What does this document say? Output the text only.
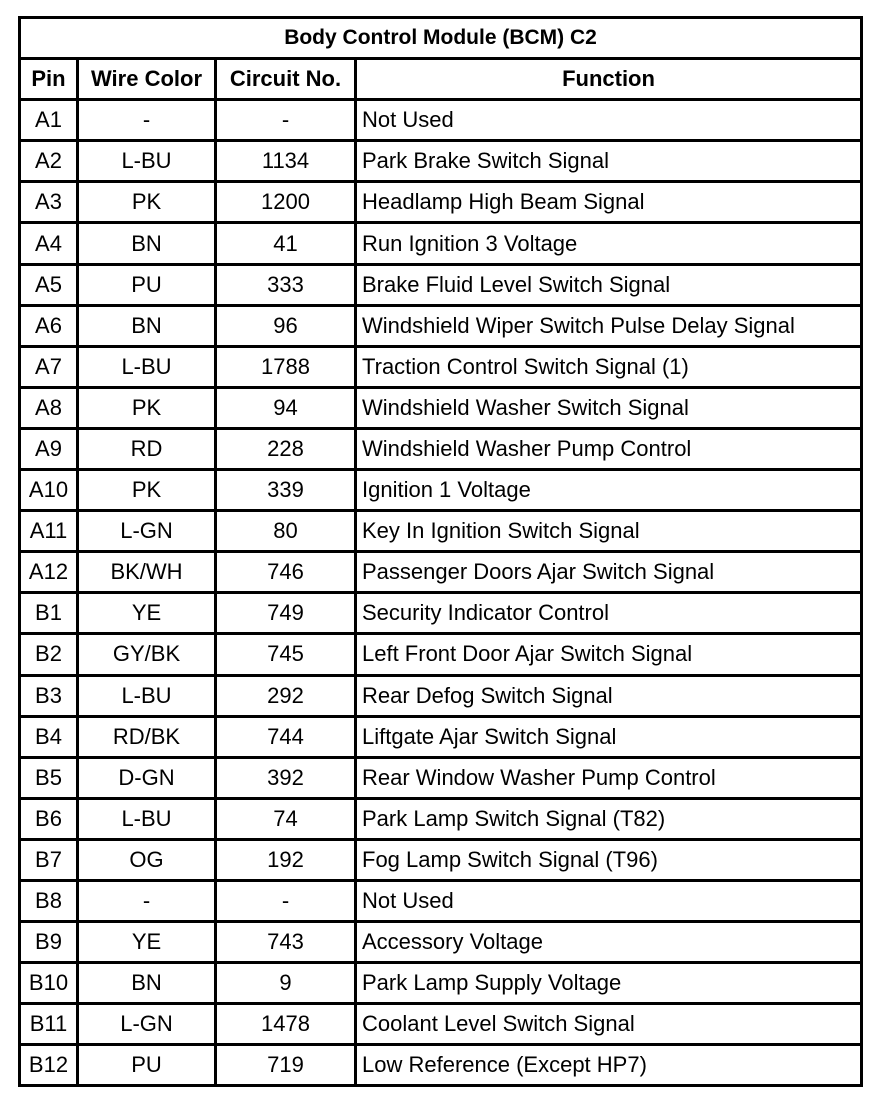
Body Control Module (BCM) C2			
Pin	Wire Color	Circuit No.	Function
A1	-	-	Not Used
A2	L-BU	1134	Park Brake Switch Signal
A3	PK	1200	Headlamp High Beam Signal
A4	BN	41	Run Ignition 3 Voltage
A5	PU	333	Brake Fluid Level Switch Signal
A6	BN	96	Windshield Wiper Switch Pulse Delay Signal
A7	L-BU	1788	Traction Control Switch Signal (1)
A8	PK	94	Windshield Washer Switch Signal
A9	RD	228	Windshield Washer Pump Control
A10	PK	339	Ignition 1 Voltage
A11	L-GN	80	Key In Ignition Switch Signal
A12	BK/WH	746	Passenger Doors Ajar Switch Signal
B1	YE	749	Security Indicator Control
B2	GY/BK	745	Left Front Door Ajar Switch Signal
B3	L-BU	292	Rear Defog Switch Signal
B4	RD/BK	744	Liftgate Ajar Switch Signal
B5	D-GN	392	Rear Window Washer Pump Control
B6	L-BU	74	Park Lamp Switch Signal (T82)
B7	OG	192	Fog Lamp Switch Signal (T96)
B8	-	-	Not Used
B9	YE	743	Accessory Voltage
B10	BN	9	Park Lamp Supply Voltage
B11	L-GN	1478	Coolant Level Switch Signal
B12	PU	719	Low Reference (Except HP7)
